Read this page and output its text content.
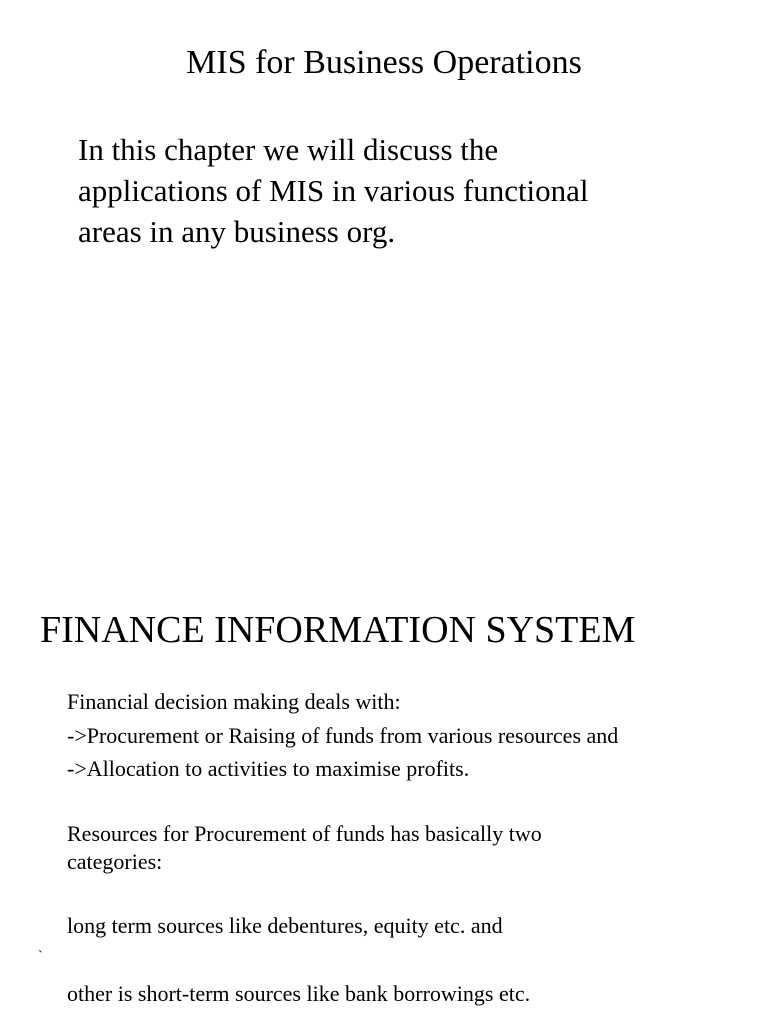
MIS for Business Operations

In this chapter we will discuss the
applications of MIS in various functional
areas in any business org.

FINANCE INFORMATION SYSTEM

Financial decision making deals with:

->Procurement or Raising of funds from various resources and

->Allocation to activities to maximise profits.

Resources for Procurement of funds has basically two

categories:

long term sources like debentures, equity etc. and

`

other is short-term sources like bank borrowings etc.
